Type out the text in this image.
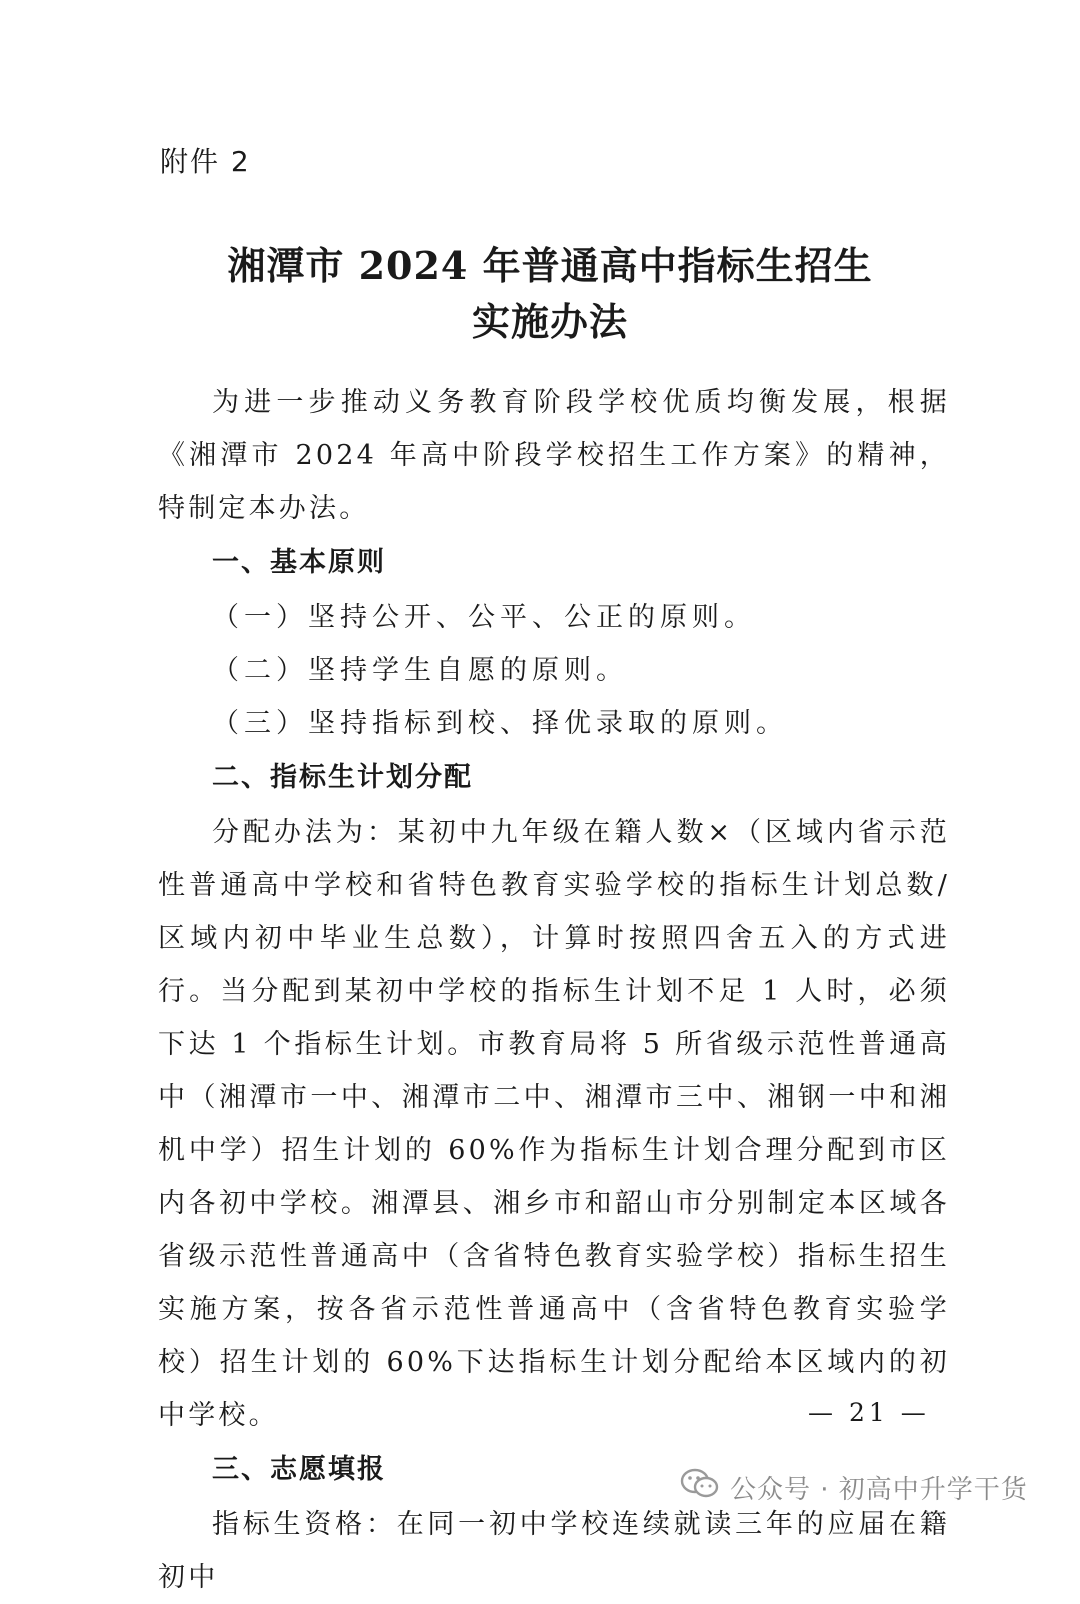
附件 2
湘潭市 2024 年普通高中指标生招生
实施办法

为进一步推动义务教育阶段学校优质均衡发展，根据《湘潭市 2024 年高中阶段学校招生工作方案》的精神，特制定本办法。

一、基本原则

（一）坚持公开、公平、公正的原则。

（二）坚持学生自愿的原则。

（三）坚持指标到校、择优录取的原则。

二、指标生计划分配

分配办法为：某初中九年级在籍人数×（区域内省示范性普通高中学校和省特色教育实验学校的指标生计划总数/区域内初中毕业生总数），计算时按照四舍五入的方式进行。当分配到某初中学校的指标生计划不足 1 人时，必须下达 1 个指标生计划。市教育局将 5 所省级示范性普通高中（湘潭市一中、湘潭市二中、湘潭市三中、湘钢一中和湘机中学）招生计划的 60%作为指标生计划合理分配到市区内各初中学校。湘潭县、湘乡市和韶山市分别制定本区域各省级示范性普通高中（含省特色教育实验学校）指标生招生实施方案，按各省示范性普通高中（含省特色教育实验学校）招生计划的 60%下达指标生计划分配给本区域内的初中学校。

三、志愿填报

指标生资格：在同一初中学校连续就读三年的应届在籍初中

— 21 —
公众号 · 初高中升学干货
